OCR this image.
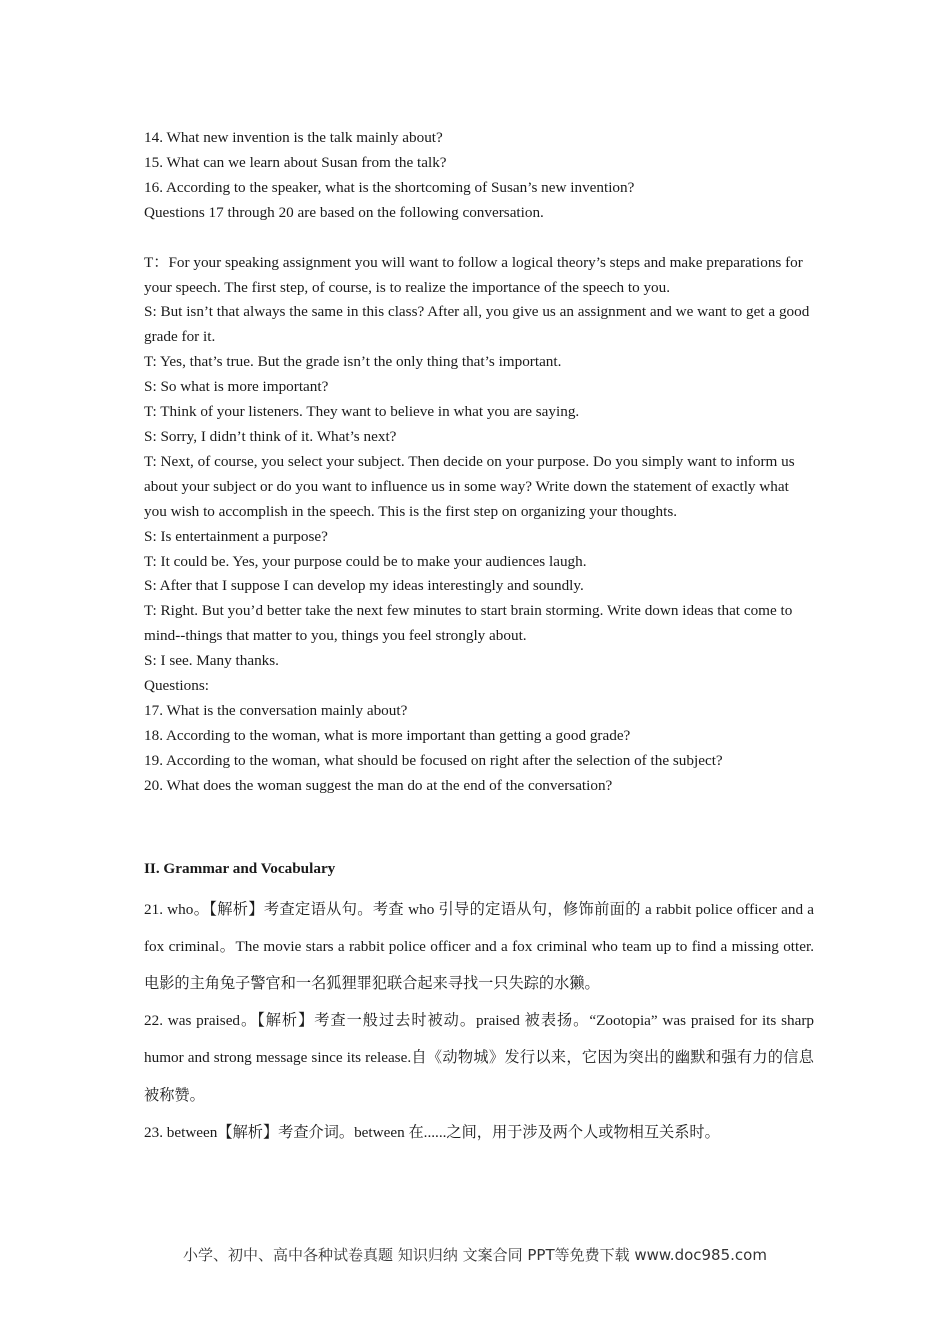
14. What new invention is the talk mainly about?
15. What can we learn about Susan from the talk?
16. According to the speaker, what is the shortcoming of Susan’s new invention?
Questions 17 through 20 are based on the following conversation.
T：For your speaking assignment you will want to follow a logical theory’s steps and make preparations for your speech. The first step, of course, is to realize the importance of the speech to you.
S: But isn’t that always the same in this class? After all, you give us an assignment and we want to get a good grade for it.
T: Yes, that’s true. But the grade isn’t the only thing that’s important.
S: So what is more important?
T: Think of your listeners. They want to believe in what you are saying.
S: Sorry, I didn’t think of it. What’s next?
T: Next, of course, you select your subject. Then decide on your purpose. Do you simply want to inform us about your subject or do you want to influence us in some way? Write down the statement of exactly what you wish to accomplish in the speech. This is the first step on organizing your thoughts.
S: Is entertainment a purpose?
T: It could be. Yes, your purpose could be to make your audiences laugh.
S: After that I suppose I can develop my ideas interestingly and soundly.
T: Right. But you’d better take the next few minutes to start brain storming. Write down ideas that come to mind--things that matter to you, things you feel strongly about.
S: I see. Many thanks.
Questions:
17. What is the conversation mainly about?
18. According to the woman, what is more important than getting a good grade?
19. According to the woman, what should be focused on right after the selection of the subject?
20. What does the woman suggest the man do at the end of the conversation?
II. Grammar and Vocabulary
21. who。【解析】考查定语从句。考查 who 引导的定语从句，修饰前面的 a rabbit police officer and a fox criminal。The movie stars a rabbit police officer and a fox criminal who team up to find a missing otter.电影的主角兔子警官和一名狐狸罪犯联合起来寻找一只失踪的水獭。
22. was praised。【解析】考查一般过去时被动。praised 被表扬。“Zootopia” was praised for its sharp humor and strong message since its release.自《动物城》发行以来，它因为突出的幽默和强有力的信息被称赞。
23. between【解析】考查介词。between 在......之间，用于涉及两个人或物相互关系时。
小学、初中、高中各种试卷真题 知识归纳 文案合同 PPT等免费下载 www.doc985.com
